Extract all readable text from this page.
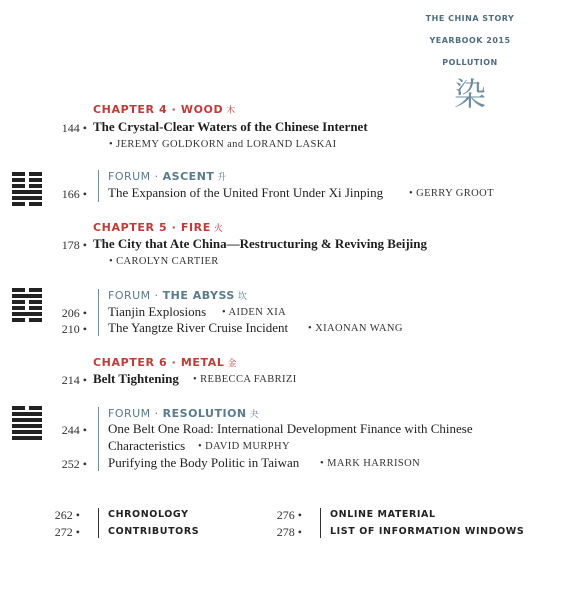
THE CHINA STORY
YEARBOOK 2015
POLLUTION
染
CHAPTER 4 · WOOD 木
144 • The Crystal-Clear Waters of the Chinese Internet
• JEREMY GOLDKORN and LORAND LASKAI
FORUM · ASCENT 升
166 • The Expansion of the United Front Under Xi Jinping • GERRY GROOT
CHAPTER 5 · FIRE 火
178 • The City that Ate China—Restructuring & Reviving Beijing
• CAROLYN CARTIER
FORUM · THE ABYSS 坎
206 • Tianjin Explosions • AIDEN XIA
210 • The Yangtze River Cruise Incident • XIAONAN WANG
CHAPTER 6 · METAL 金
214 • Belt Tightening • REBECCA FABRIZI
FORUM · RESOLUTION 夬
244 • One Belt One Road: International Development Finance with Chinese
Characteristics • DAVID MURPHY
252 • Purifying the Body Politic in Taiwan • MARK HARRISON
262 •	CHRONOLOGY
272 •	CONTRIBUTORS
276 •	ONLINE MATERIAL
278 •	LIST OF INFORMATION WINDOWS
